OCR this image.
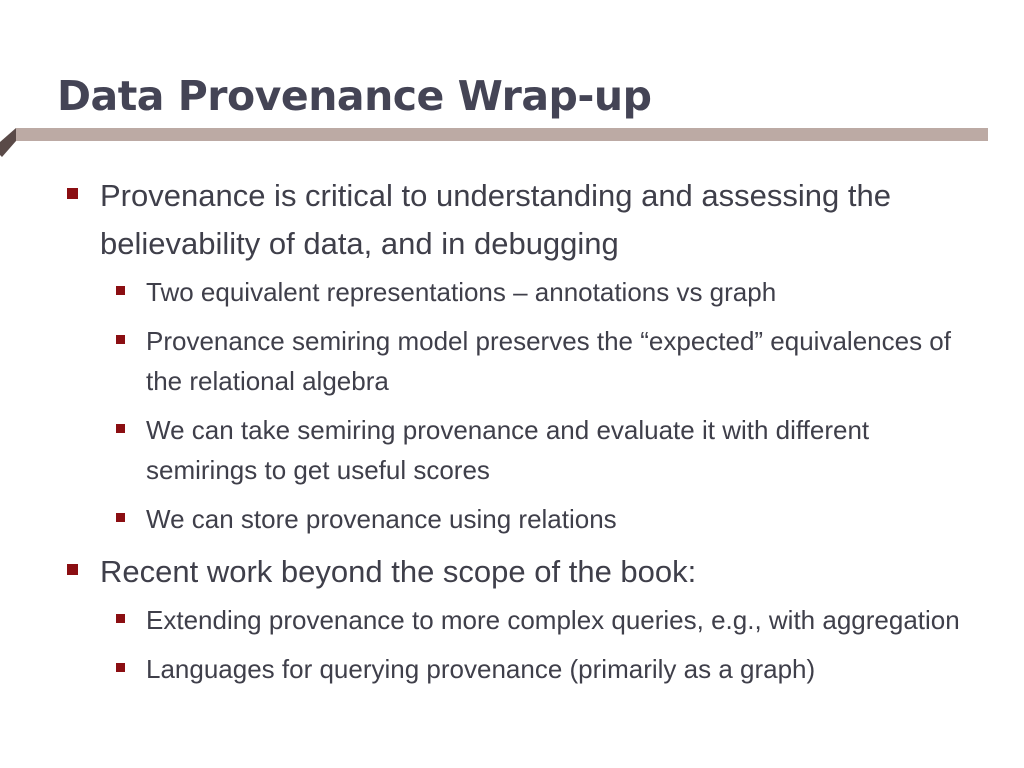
Data Provenance Wrap-up
Provenance is critical to understanding and assessing the believability of data, and in debugging
Two equivalent representations – annotations vs graph
Provenance semiring model preserves the “expected” equivalences of the relational algebra
We can take semiring provenance and evaluate it with different semirings to get useful scores
We can store provenance using relations
Recent work beyond the scope of the book:
Extending provenance to more complex queries, e.g., with aggregation
Languages for querying provenance (primarily as a graph)
